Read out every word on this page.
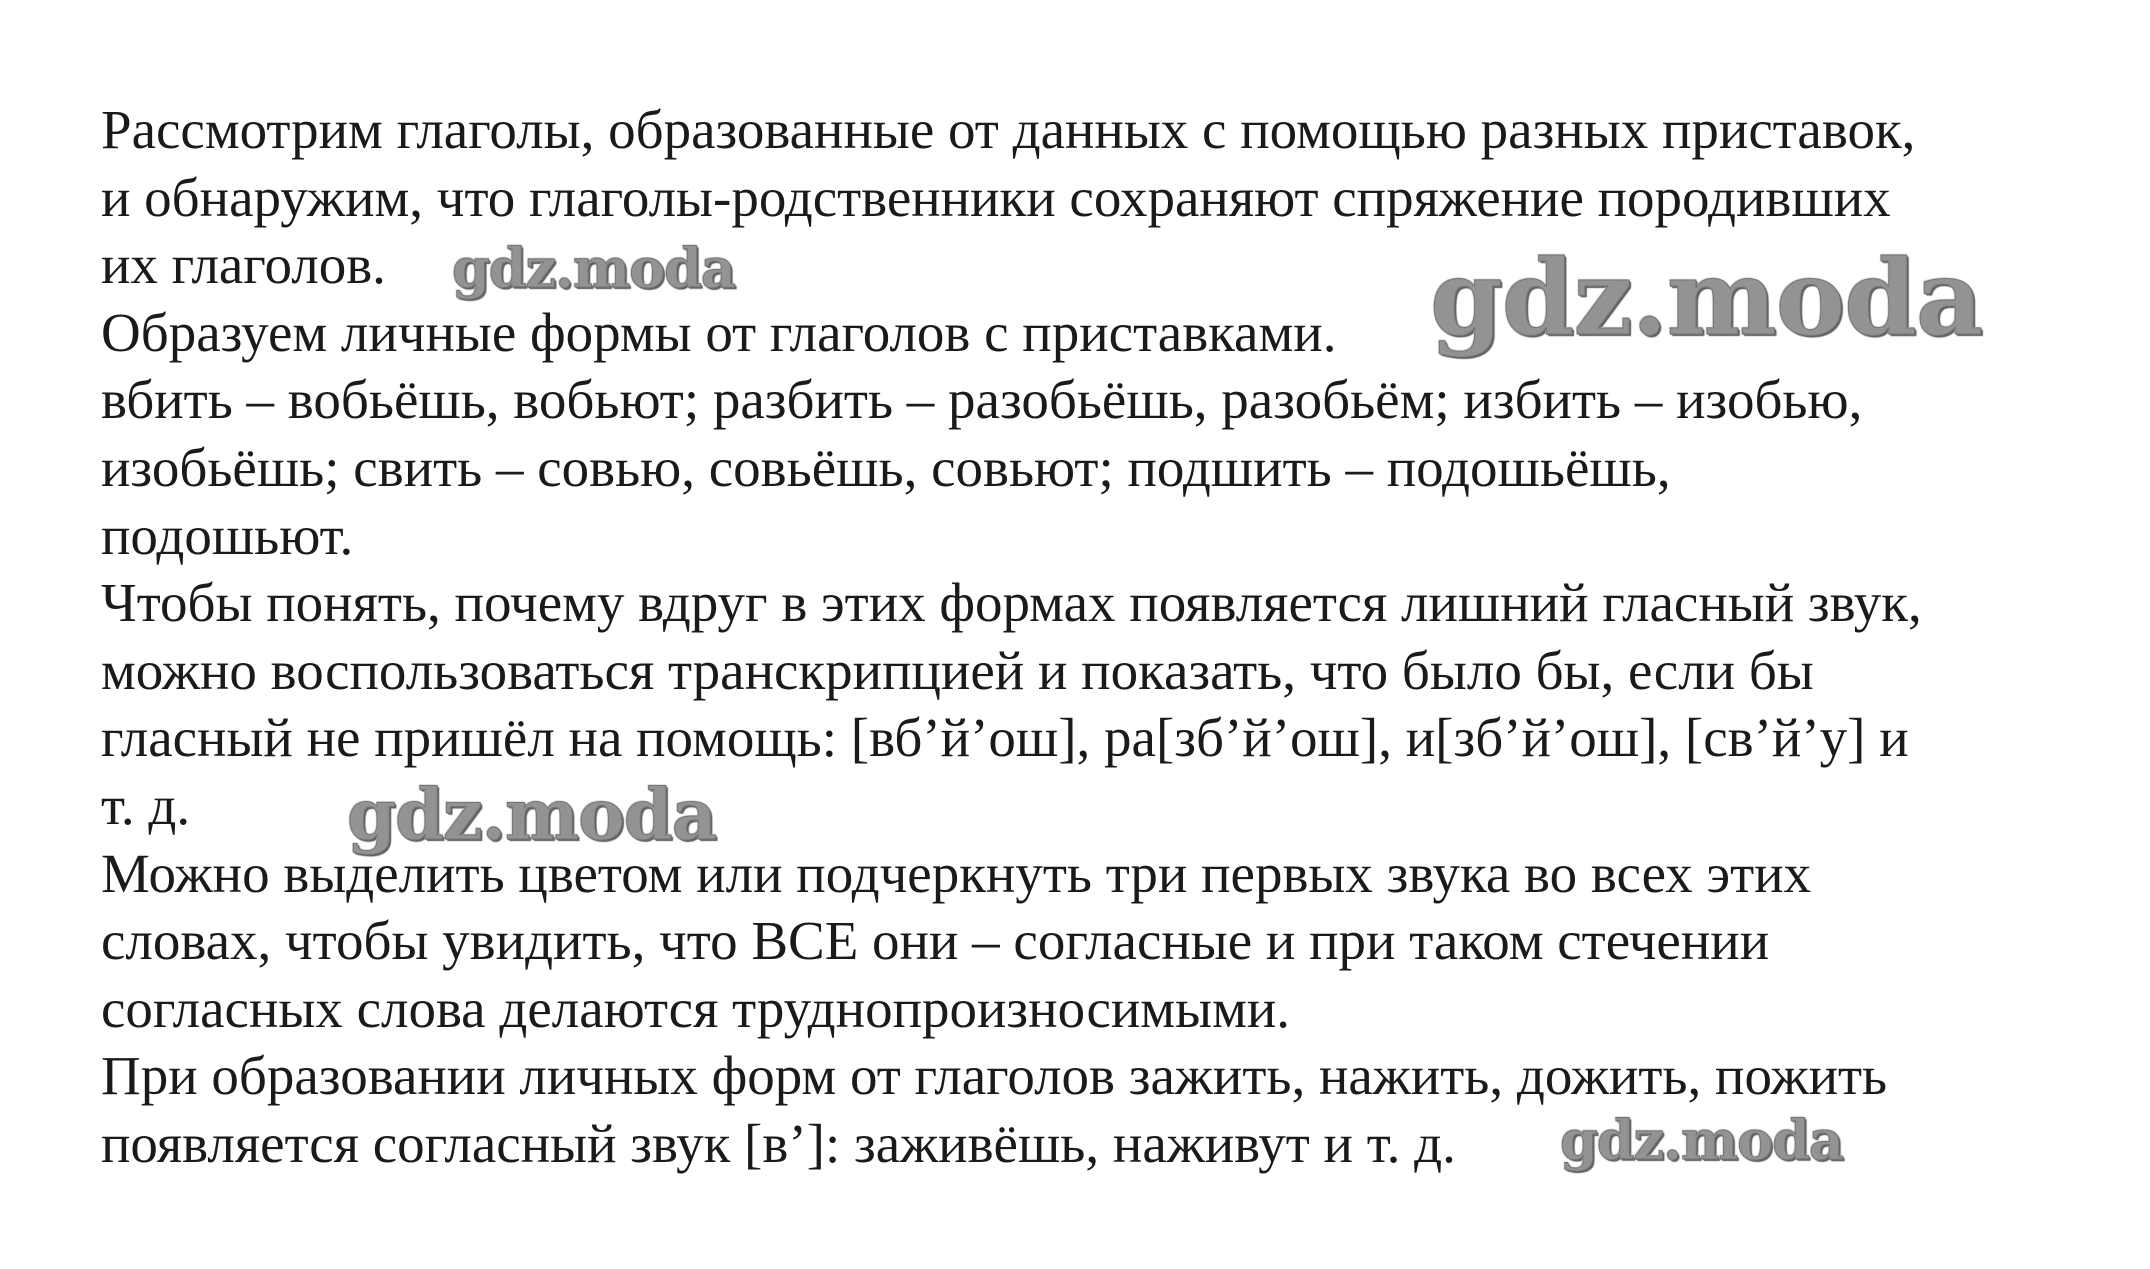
Рассмотрим глаголы, образованные от данных с помощью разных приставок,
и обнаружим, что глаголы-родственники сохраняют спряжение породивших
их глаголов.
Образуем личные формы от глаголов с приставками.
вбить – вобьёшь, вобьют; разбить – разобьёшь, разобьём; избить – изобью,
изобьёшь; свить – совью, совьёшь, совьют; подшить – подошьёшь,
подошьют.
Чтобы понять, почему вдруг в этих формах появляется лишний гласный звук,
можно воспользоваться транскрипцией и показать, что было бы, если бы
гласный не пришёл на помощь: [вб’й’ош], ра[зб’й’ош], и[зб’й’ош], [св’й’у] и
т. д.
Можно выделить цветом или подчеркнуть три первых звука во всех этих
словах, чтобы увидить, что ВСЕ они – согласные и при таком стечении
согласных слова делаются труднопроизносимыми.
При образовании личных форм от глаголов зажить, нажить, дожить, пожить
появляется согласный звук [в’]: заживёшь, наживут и т. д.
gdz.moda	gdz.moda
gdz.moda
gdz.moda
